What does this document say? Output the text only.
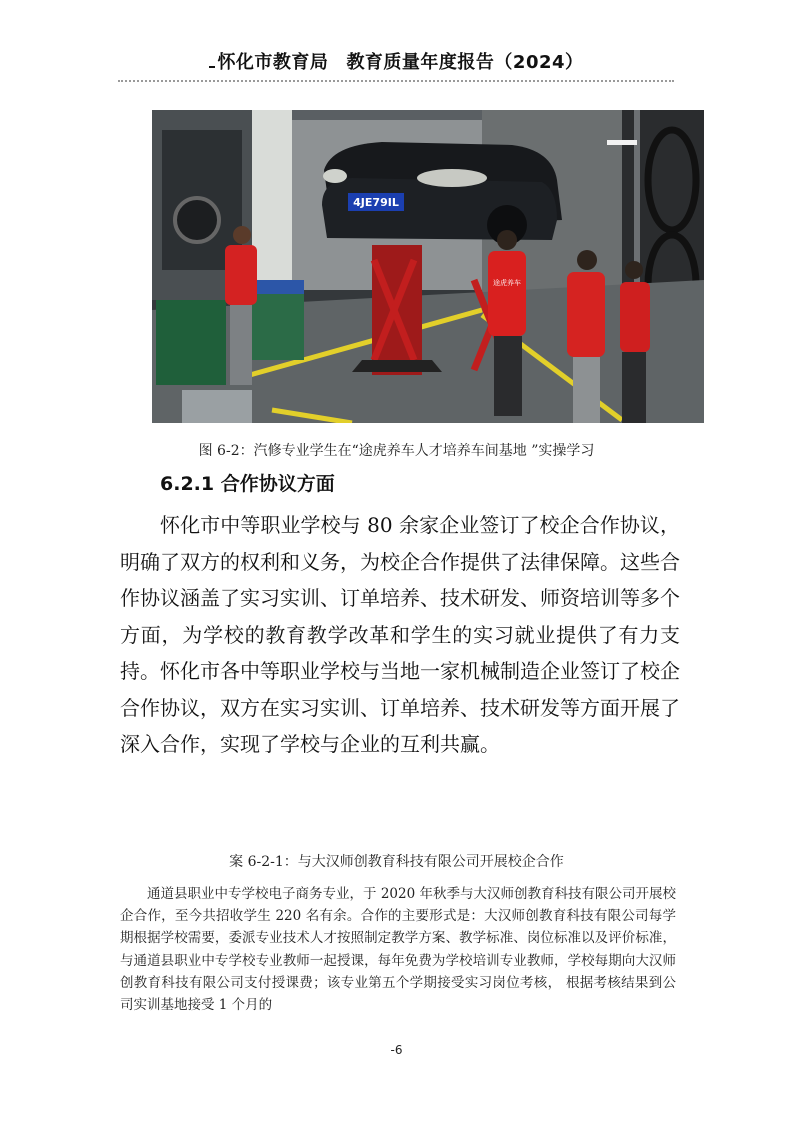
怀化市教育局 教育质量年度报告（2024）
4JE79IL
途虎养车
图 6-2：汽修专业学生在“途虎养车人才培养车间基地 ”实操学习
6.2.1 合作协议方面
怀化市中等职业学校与 80 余家企业签订了校企合作协议，明确了双方的权利和义务，为校企合作提供了法律保障。这些合作协议涵盖了实习实训、订单培养、技术研发、师资培训等多个方面，为学校的教育教学改革和学生的实习就业提供了有力支持。怀化市各中等职业学校与当地一家机械制造企业签订了校企合作协议，双方在实习实训、订单培养、技术研发等方面开展了深入合作，实现了学校与企业的互利共赢。
案 6-2-1：与大汉师创教育科技有限公司开展校企合作
通道县职业中专学校电子商务专业，于 2020 年秋季与大汉师创教育科技有限公司开展校企合作，至今共招收学生 220 名有余。合作的主要形式是：大汉师创教育科技有限公司每学期根据学校需要，委派专业技术人才按照制定教学方案、教学标准、岗位标准以及评价标准，与通道县职业中专学校专业教师一起授课，每年免费为学校培训专业教师，学校每期向大汉师创教育科技有限公司支付授课费；该专业第五个学期接受实习岗位考核， 根据考核结果到公司实训基地接受 1 个月的
-6
